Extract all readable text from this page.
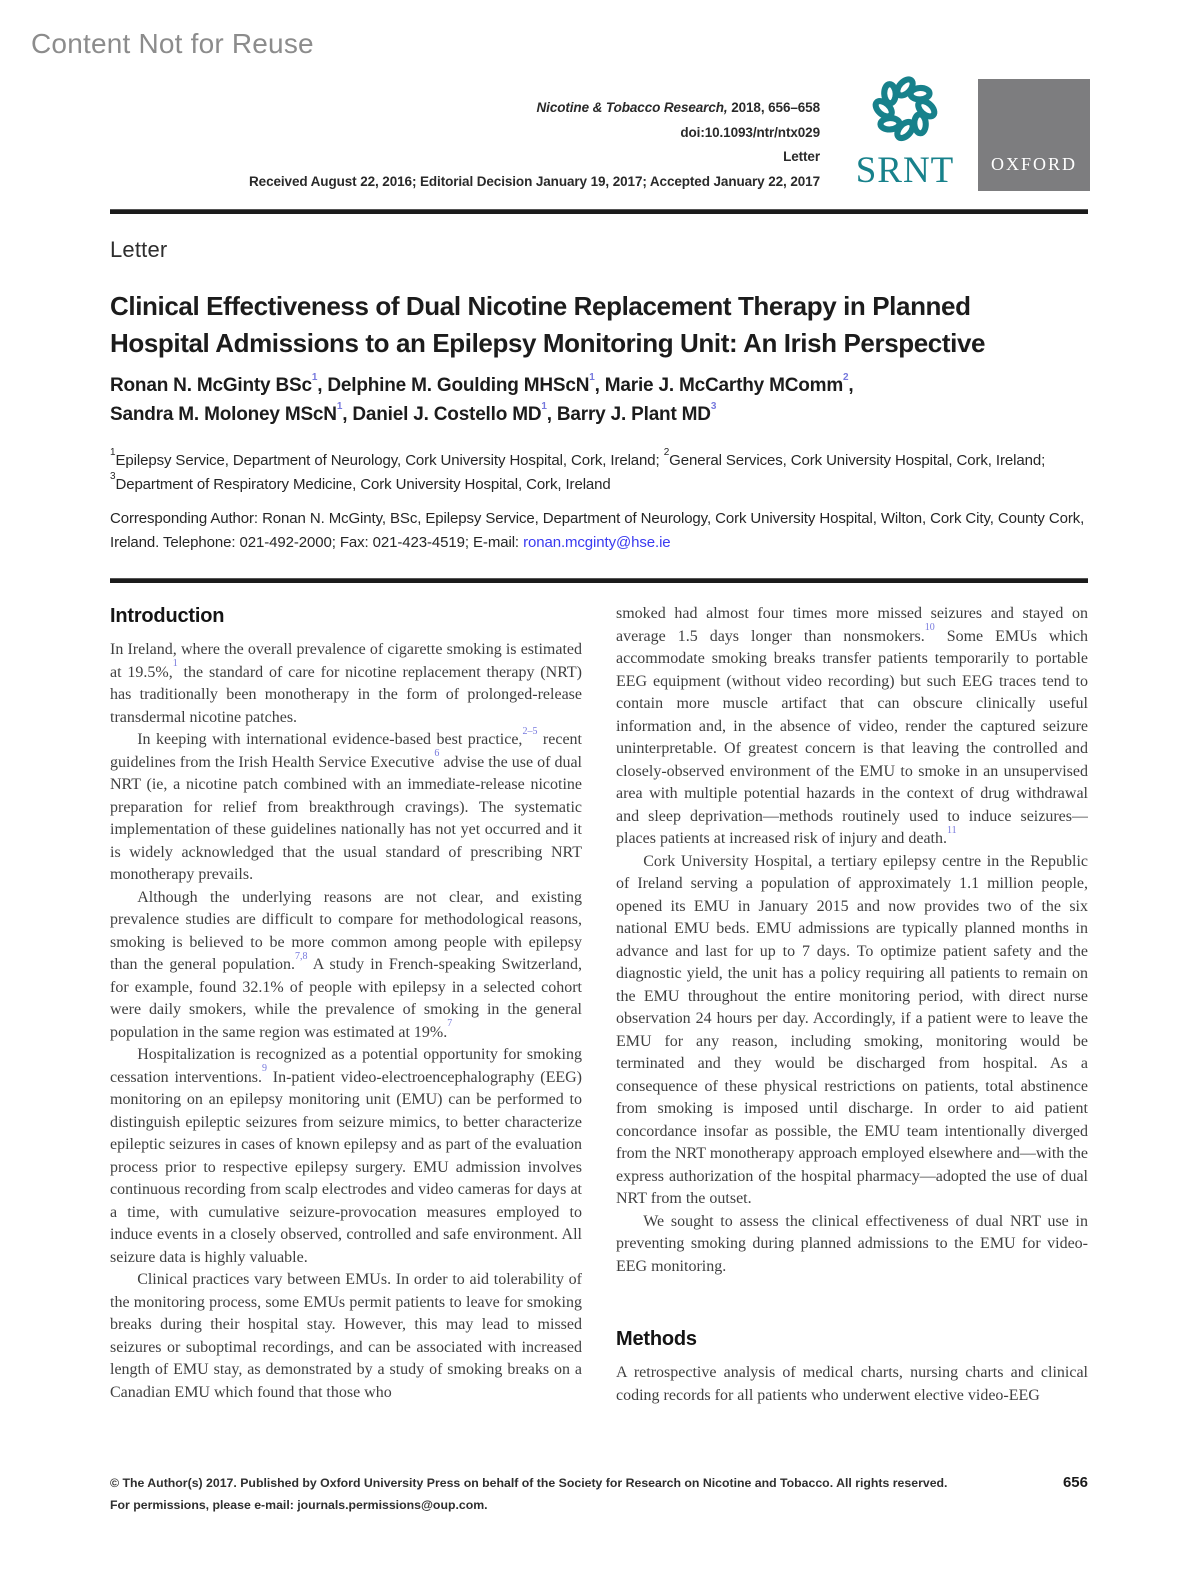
Content Not for Reuse
Nicotine & Tobacco Research, 2018, 656–658
doi:10.1093/ntr/ntx029
Letter
Received August 22, 2016; Editorial Decision January 19, 2017; Accepted January 22, 2017 SRNT	OXFORD
Letter
Clinical Effectiveness of Dual Nicotine Replacement Therapy in Planned
Hospital Admissions to an Epilepsy Monitoring Unit: An Irish Perspective
Ronan N. McGinty BSc$^1$, Delphine M. Goulding MHScN$^1$, Marie J. McCarthy MComm$^2$,
Sandra M. Moloney MScN$^1$, Daniel J. Costello MD$^1$, Barry J. Plant MD$^3$
$^1$Epilepsy Service, Department of Neurology, Cork University Hospital, Cork, Ireland; $^2$General Services, Cork University Hospital, Cork, Ireland; $^3$Department of Respiratory Medicine, Cork University Hospital, Cork, Ireland
Corresponding Author: Ronan N. McGinty, BSc, Epilepsy Service, Department of Neurology, Cork University Hospital, Wilton, Cork City, County Cork, Ireland. Telephone: 021-492-2000; Fax: 021-423-4519; E-mail: ronan.mcginty@hse.ie
Introduction

In Ireland, where the overall prevalence of cigarette smoking is estimated at 19.5%,$^1$ the standard of care for nicotine replacement therapy (NRT) has traditionally been monotherapy in the form of prolonged-release transdermal nicotine patches.

In keeping with international evidence-based best practice,$^{2-5}$ recent guidelines from the Irish Health Service Executive$^6$ advise the use of dual NRT (ie, a nicotine patch combined with an immediate-release nicotine preparation for relief from breakthrough cravings). The systematic implementation of these guidelines nationally has not yet occurred and it is widely acknowledged that the usual standard of prescribing NRT monotherapy prevails.

Although the underlying reasons are not clear, and existing prevalence studies are difficult to compare for methodological reasons, smoking is believed to be more common among people with epilepsy than the general population.$^{7,8}$ A study in French-speaking Switzerland, for example, found 32.1% of people with epilepsy in a selected cohort were daily smokers, while the prevalence of smoking in the general population in the same region was estimated at 19%.$^7$

Hospitalization is recognized as a potential opportunity for smoking cessation interventions.$^9$ In-patient video-electroencephalography (EEG) monitoring on an epilepsy monitoring unit (EMU) can be performed to distinguish epileptic seizures from seizure mimics, to better characterize epileptic seizures in cases of known epilepsy and as part of the evaluation process prior to respective epilepsy surgery. EMU admission involves continuous recording from scalp electrodes and video cameras for days at a time, with cumulative seizure-provocation measures employed to induce events in a closely observed, controlled and safe environment. All seizure data is highly valuable.

Clinical practices vary between EMUs. In order to aid tolerability of the monitoring process, some EMUs permit patients to leave for smoking breaks during their hospital stay. However, this may lead to missed seizures or suboptimal recordings, and can be associated with increased length of EMU stay, as demonstrated by a study of smoking breaks on a Canadian EMU which found that those who

smoked had almost four times more missed seizures and stayed on average 1.5 days longer than nonsmokers.$^{10}$ Some EMUs which accommodate smoking breaks transfer patients temporarily to portable EEG equipment (without video recording) but such EEG traces tend to contain more muscle artifact that can obscure clinically useful information and, in the absence of video, render the captured seizure uninterpretable. Of greatest concern is that leaving the controlled and closely-observed environment of the EMU to smoke in an unsupervised area with multiple potential hazards in the context of drug withdrawal and sleep deprivation—methods routinely used to induce seizures—places patients at increased risk of injury and death.$^{11}$

Cork University Hospital, a tertiary epilepsy centre in the Republic of Ireland serving a population of approximately 1.1 million people, opened its EMU in January 2015 and now provides two of the six national EMU beds. EMU admissions are typically planned months in advance and last for up to 7 days. To optimize patient safety and the diagnostic yield, the unit has a policy requiring all patients to remain on the EMU throughout the entire monitoring period, with direct nurse observation 24 hours per day. Accordingly, if a patient were to leave the EMU for any reason, including smoking, monitoring would be terminated and they would be discharged from hospital. As a consequence of these physical restrictions on patients, total abstinence from smoking is imposed until discharge. In order to aid patient concordance insofar as possible, the EMU team intentionally diverged from the NRT monotherapy approach employed elsewhere and—with the express authorization of the hospital pharmacy—adopted the use of dual NRT from the outset.

We sought to assess the clinical effectiveness of dual NRT use in preventing smoking during planned admissions to the EMU for video-EEG monitoring.

Methods

A retrospective analysis of medical charts, nursing charts and clinical coding records for all patients who underwent elective video-EEG

© The Author(s) 2017. Published by Oxford University Press on behalf of the Society for Research on Nicotine and Tobacco. All rights reserved.
For permissions, please e-mail: journals.permissions@oup.com.
656
